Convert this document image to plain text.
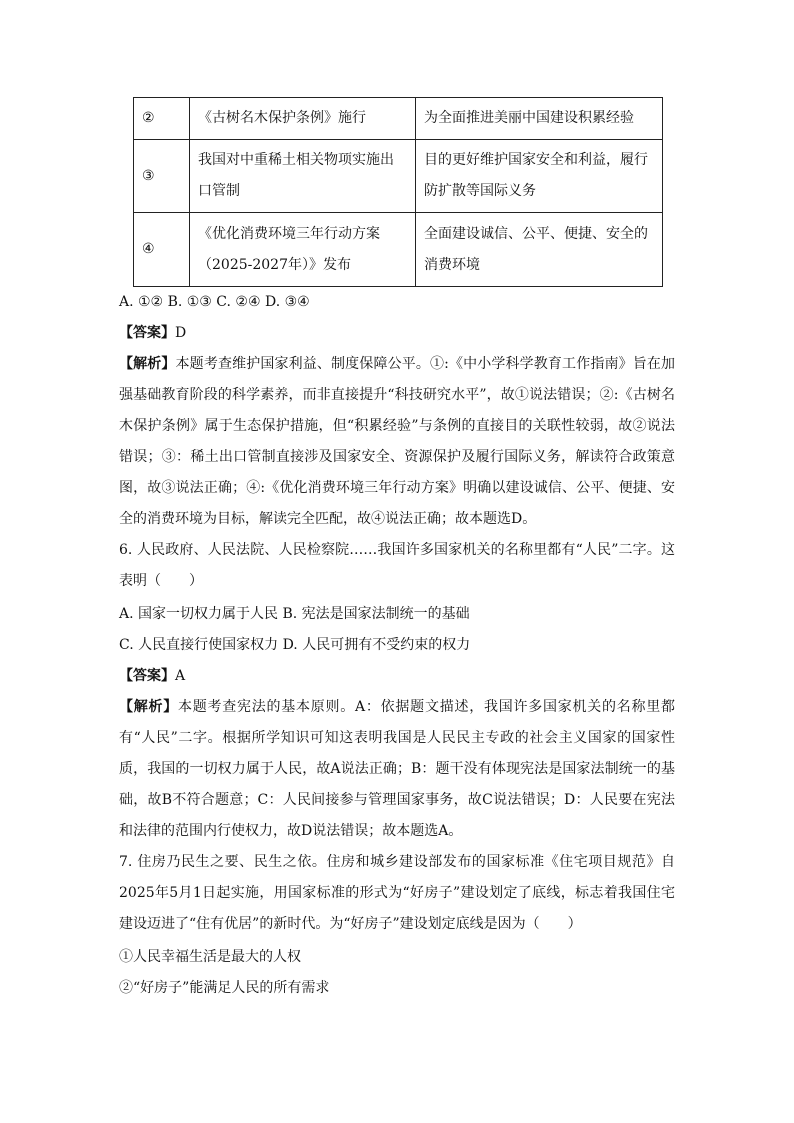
②	《古树名木保护条例》施行	为全面推进美丽中国建设积累经验
③	我国对中重稀土相关物项实施出口管制	目的更好维护国家安全和利益，履行防扩散等国际义务
④	《优化消费环境三年行动方案（2025-2027年）》发布	全面建设诚信、公平、便捷、安全的消费环境
A. ①② B. ①③ C. ②④ D. ③④
【答案】D
【解析】本题考查维护国家利益、制度保障公平。①:《中小学科学教育工作指南》旨在加强基础教育阶段的科学素养，而非直接提升“科技研究水平”，故①说法错误；②:《古树名木保护条例》属于生态保护措施，但“积累经验”与条例的直接目的关联性较弱，故②说法错误；③：稀土出口管制直接涉及国家安全、资源保护及履行国际义务，解读符合政策意图，故③说法正确；④:《优化消费环境三年行动方案》明确以建设诚信、公平、便捷、安全的消费环境为目标，解读完全匹配，故④说法正确；故本题选D。
6. 人民政府、人民法院、人民检察院……我国许多国家机关的名称里都有“人民”二字。这表明（　　）
A. 国家一切权力属于人民 B. 宪法是国家法制统一的基础
C. 人民直接行使国家权力 D. 人民可拥有不受约束的权力
【答案】A
【解析】本题考查宪法的基本原则。A：依据题文描述，我国许多国家机关的名称里都有“人民”二字。根据所学知识可知这表明我国是人民民主专政的社会主义国家的国家性质，我国的一切权力属于人民，故A说法正确；B：题干没有体现宪法是国家法制统一的基础，故B不符合题意；C：人民间接参与管理国家事务，故C说法错误；D：人民要在宪法和法律的范围内行使权力，故D说法错误；故本题选A。
7. 住房乃民生之要、民生之依。住房和城乡建设部发布的国家标准《住宅项目规范》自2025年5月1日起实施，用国家标准的形式为“好房子”建设划定了底线，标志着我国住宅建设迈进了“住有优居”的新时代。为“好房子”建设划定底线是因为（　　）
①人民幸福生活是最大的人权
②“好房子”能满足人民的所有需求
